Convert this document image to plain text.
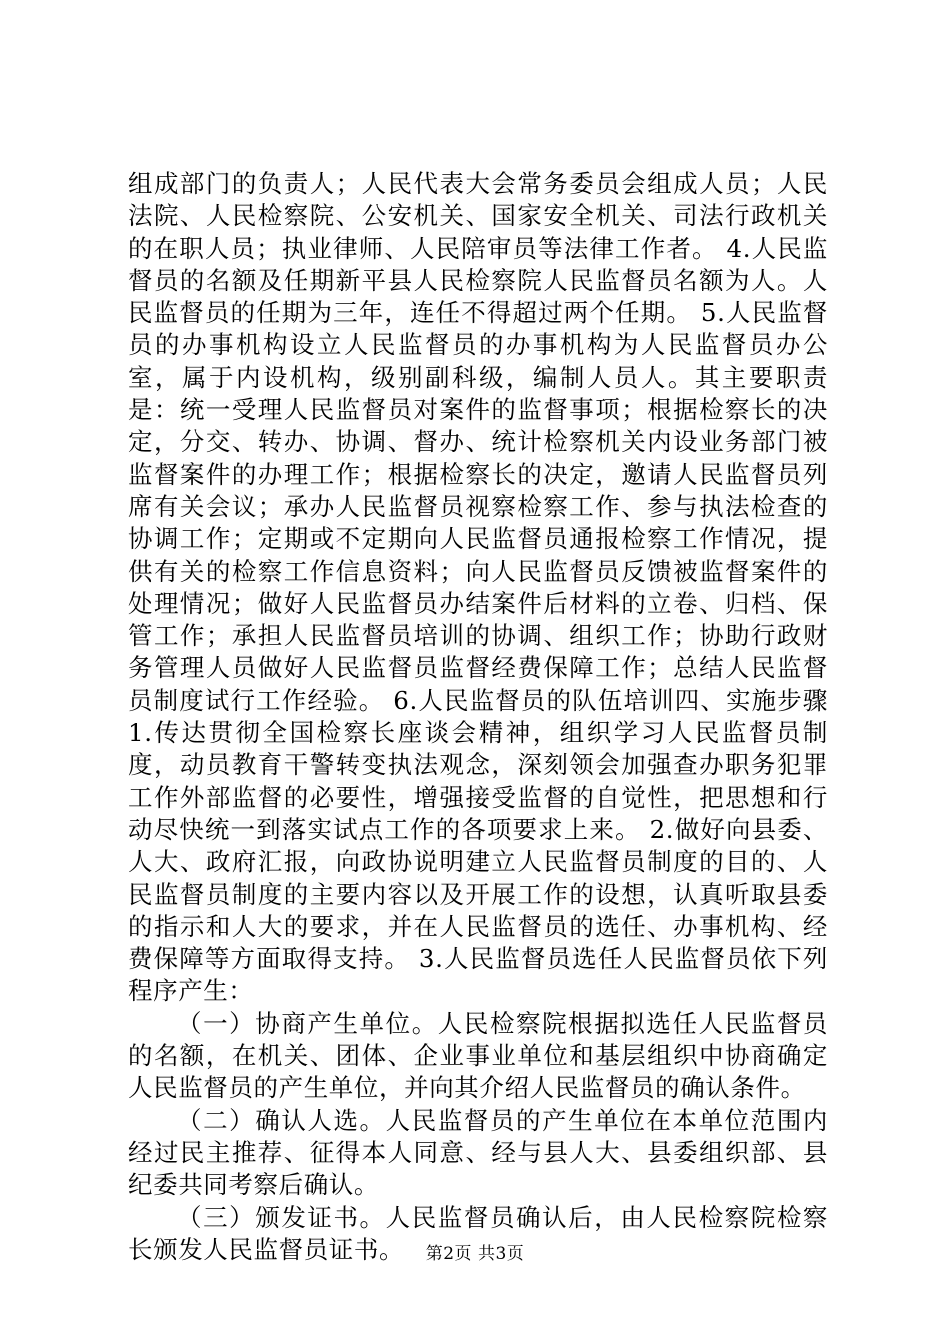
组成部门的负责人；人民代表大会常务委员会组成人员；人民法院、人民检察院、公安机关、国家安全机关、司法行政机关的在职人员；执业律师、人民陪审员等法律工作者。 4.人民监督员的名额及任期新平县人民检察院人民监督员名额为人。人民监督员的任期为三年，连任不得超过两个任期。 5.人民监督员的办事机构设立人民监督员的办事机构为人民监督员办公室，属于内设机构，级别副科级，编制人员人。其主要职责是：统一受理人民监督员对案件的监督事项；根据检察长的决定，分交、转办、协调、督办、统计检察机关内设业务部门被监督案件的办理工作；根据检察长的决定，邀请人民监督员列席有关会议；承办人民监督员视察检察工作、参与执法检查的协调工作；定期或不定期向人民监督员通报检察工作情况，提供有关的检察工作信息资料；向人民监督员反馈被监督案件的处理情况；做好人民监督员办结案件后材料的立卷、归档、保管工作；承担人民监督员培训的协调、组织工作；协助行政财务管理人员做好人民监督员监督经费保障工作；总结人民监督员制度试行工作经验。 6.人民监督员的队伍培训四、实施步骤 1.传达贯彻全国检察长座谈会精神，组织学习人民监督员制度，动员教育干警转变执法观念，深刻领会加强查办职务犯罪工作外部监督的必要性，增强接受监督的自觉性，把思想和行动尽快统一到落实试点工作的各项要求上来。 2.做好向县委、人大、政府汇报，向政协说明建立人民监督员制度的目的、人民监督员制度的主要内容以及开展工作的设想，认真听取县委的指示和人大的要求，并在人民监督员的选任、办事机构、经费保障等方面取得支持。 3.人民监督员选任人民监督员依下列程序产生：

（一）协商产生单位。人民检察院根据拟选任人民监督员的名额，在机关、团体、企业事业单位和基层组织中协商确定人民监督员的产生单位，并向其介绍人民监督员的确认条件。

（二）确认人选。人民监督员的产生单位在本单位范围内经过民主推荐、征得本人同意、经与县人大、县委组织部、县纪委共同考察后确认。

（三）颁发证书。人民监督员确认后，由人民检察院检察长颁发人民监督员证书。	第2页 共3页
